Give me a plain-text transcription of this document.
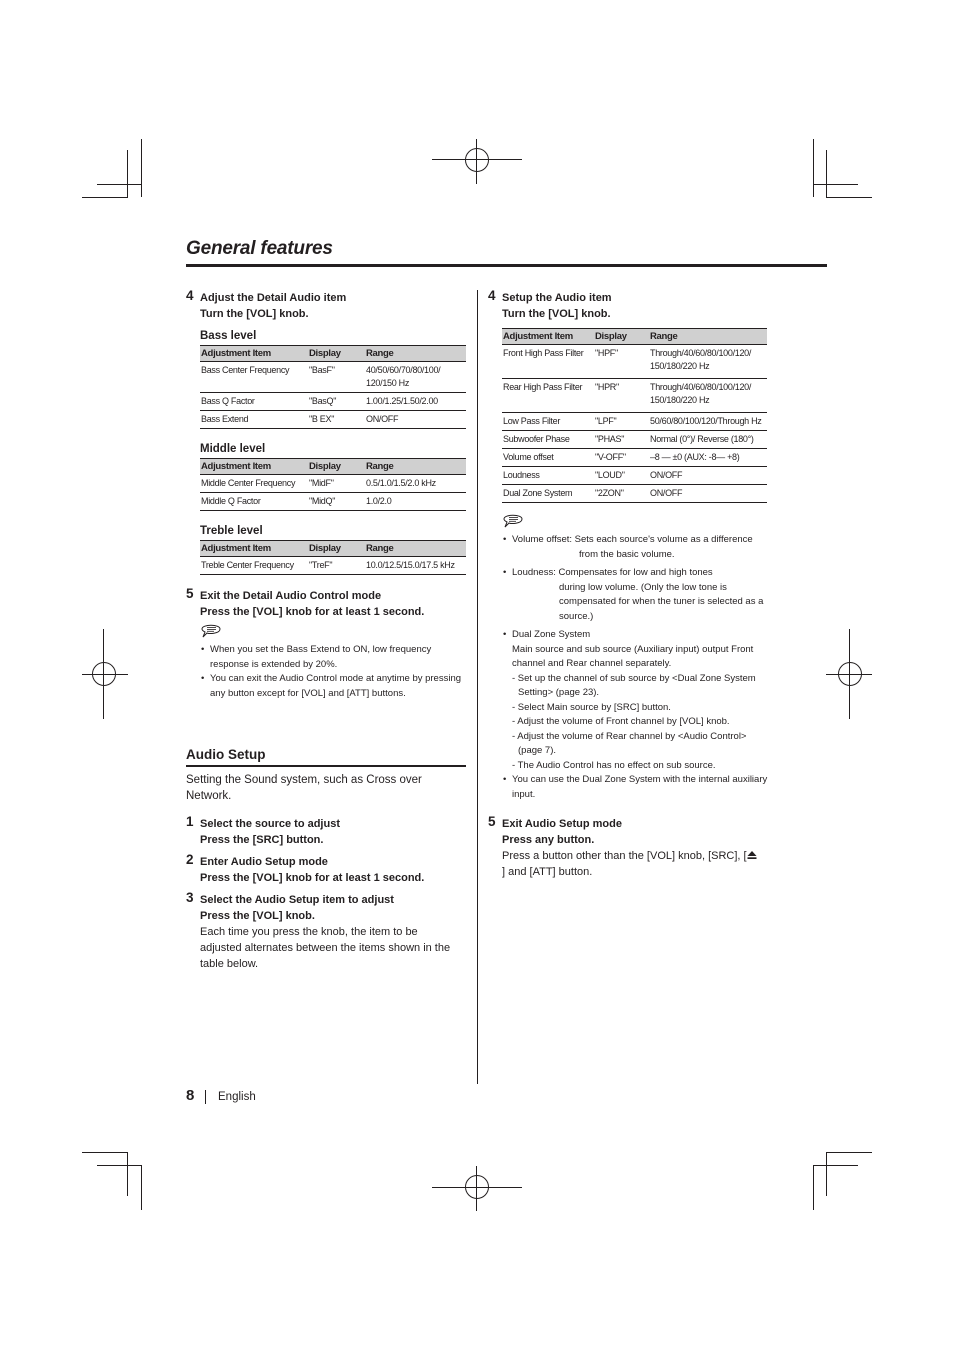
General features
4 Adjust the Detail Audio item
Turn the [VOL] knob.
Bass level
Adjustment Item	Display	Range
Bass Center Frequency	"BasF"	40/50/60/70/80/100/ 120/150 Hz
Bass Q Factor	"BasQ"	1.00/1.25/1.50/2.00
Bass Extend	"B EX"	ON/OFF
Middle level
Adjustment Item	Display	Range
Middle Center Frequency	"MidF"	0.5/1.0/1.5/2.0 kHz
Middle Q Factor	"MidQ"	1.0/2.0
Treble level
Adjustment Item	Display	Range
Treble Center Frequency	"TreF"	10.0/12.5/15.0/17.5 kHz
5 Exit the Detail Audio Control mode
Press the [VOL] knob for at least 1 second.
• When you set the Bass Extend to ON, low frequency response is extended by 20%.
• You can exit the Audio Control mode at anytime by pressing any button except for [VOL] and [ATT] buttons.
Audio Setup
Setting the Sound system, such as Cross over Network.
1 Select the source to adjust
Press the [SRC] button.
2 Enter Audio Setup mode
Press the [VOL] knob for at least 1 second.
3 Select the Audio Setup item to adjust
Press the [VOL] knob.
Each time you press the knob, the item to be adjusted alternates between the items shown in the table below.
4 Setup the Audio item
Turn the [VOL] knob.
Adjustment Item	Display	Range
Front High Pass Filter	"HPF"	Through/40/60/80/100/120/ 150/180/220 Hz
Rear High Pass Filter	"HPR"	Through/40/60/80/100/120/ 150/180/220 Hz
Low Pass Filter	"LPF"	50/60/80/100/120/Through Hz
Subwoofer Phase	"PHAS"	Normal (0°)/ Reverse (180°)
Volume offset	"V-OFF"	–8 — ±0 (AUX: -8— +8)
Loudness	"LOUD"	ON/OFF
Dual Zone System	"2ZON"	ON/OFF
• Volume offset: Sets each source's volume as a difference
from the basic volume.
• Loudness: Compensates for low and high tones
during low volume. (Only the low tone is compensated for when the tuner is selected as a source.)
• Dual Zone System
Main source and sub source (Auxiliary input) output Front channel and Rear channel separately.
- Set up the channel of sub source by <Dual Zone System Setting> (page 23).
- Select Main source by [SRC] button.
- Adjust the volume of Front channel by [VOL] knob.
- Adjust the volume of Rear channel by <Audio Control> (page 7).
- The Audio Control has no effect on sub source.
• You can use the Dual Zone System with the internal auxiliary input.
5 Exit Audio Setup mode
Press any button.
Press a button other than the [VOL] knob, [SRC], [] and [ATT] button.
8 English
